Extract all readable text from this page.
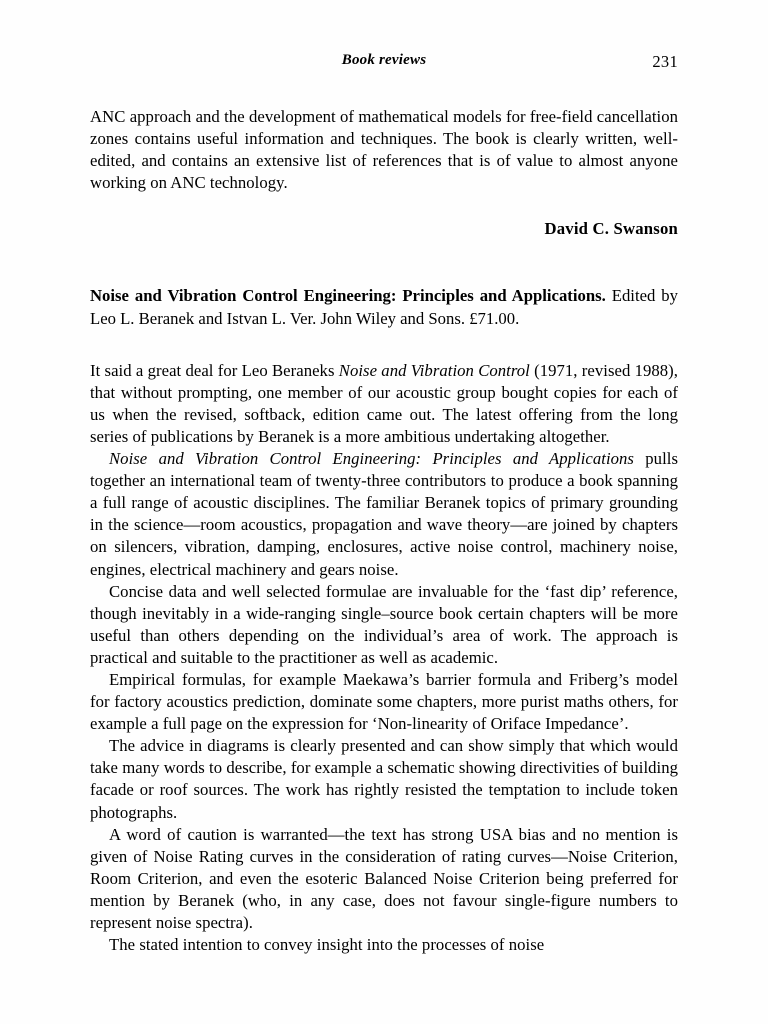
Book reviews	231

ANC approach and the development of mathematical models for free-field cancellation zones contains useful information and techniques. The book is clearly written, well-edited, and contains an extensive list of references that is of value to almost anyone working on ANC technology.

David C. Swanson
Noise and Vibration Control Engineering: Principles and Applications. Edited by Leo L. Beranek and Istvan L. Ver. John Wiley and Sons. £71.00.

It said a great deal for Leo Beraneks Noise and Vibration Control (1971, revised 1988), that without prompting, one member of our acoustic group bought copies for each of us when the revised, softback, edition came out. The latest offering from the long series of publications by Beranek is a more ambitious undertaking altogether.

Noise and Vibration Control Engineering: Principles and Applications pulls together an international team of twenty-three contributors to produce a book spanning a full range of acoustic disciplines. The familiar Beranek topics of primary grounding in the science—room acoustics, propagation and wave theory—are joined by chapters on silencers, vibration, damping, enclosures, active noise control, machinery noise, engines, electrical machinery and gears noise.

Concise data and well selected formulae are invaluable for the ‘fast dip’ reference, though inevitably in a wide-ranging single–source book certain chapters will be more useful than others depending on the individual’s area of work. The approach is practical and suitable to the practitioner as well as academic.

Empirical formulas, for example Maekawa’s barrier formula and Friberg’s model for factory acoustics prediction, dominate some chapters, more purist maths others, for example a full page on the expression for ‘Non-linearity of Oriface Impedance’.

The advice in diagrams is clearly presented and can show simply that which would take many words to describe, for example a schematic showing directivities of building facade or roof sources. The work has rightly resisted the temptation to include token photographs.

A word of caution is warranted—the text has strong USA bias and no mention is given of Noise Rating curves in the consideration of rating curves—Noise Criterion, Room Criterion, and even the esoteric Balanced Noise Criterion being preferred for mention by Beranek (who, in any case, does not favour single-figure numbers to represent noise spectra).

The stated intention to convey insight into the processes of noise
